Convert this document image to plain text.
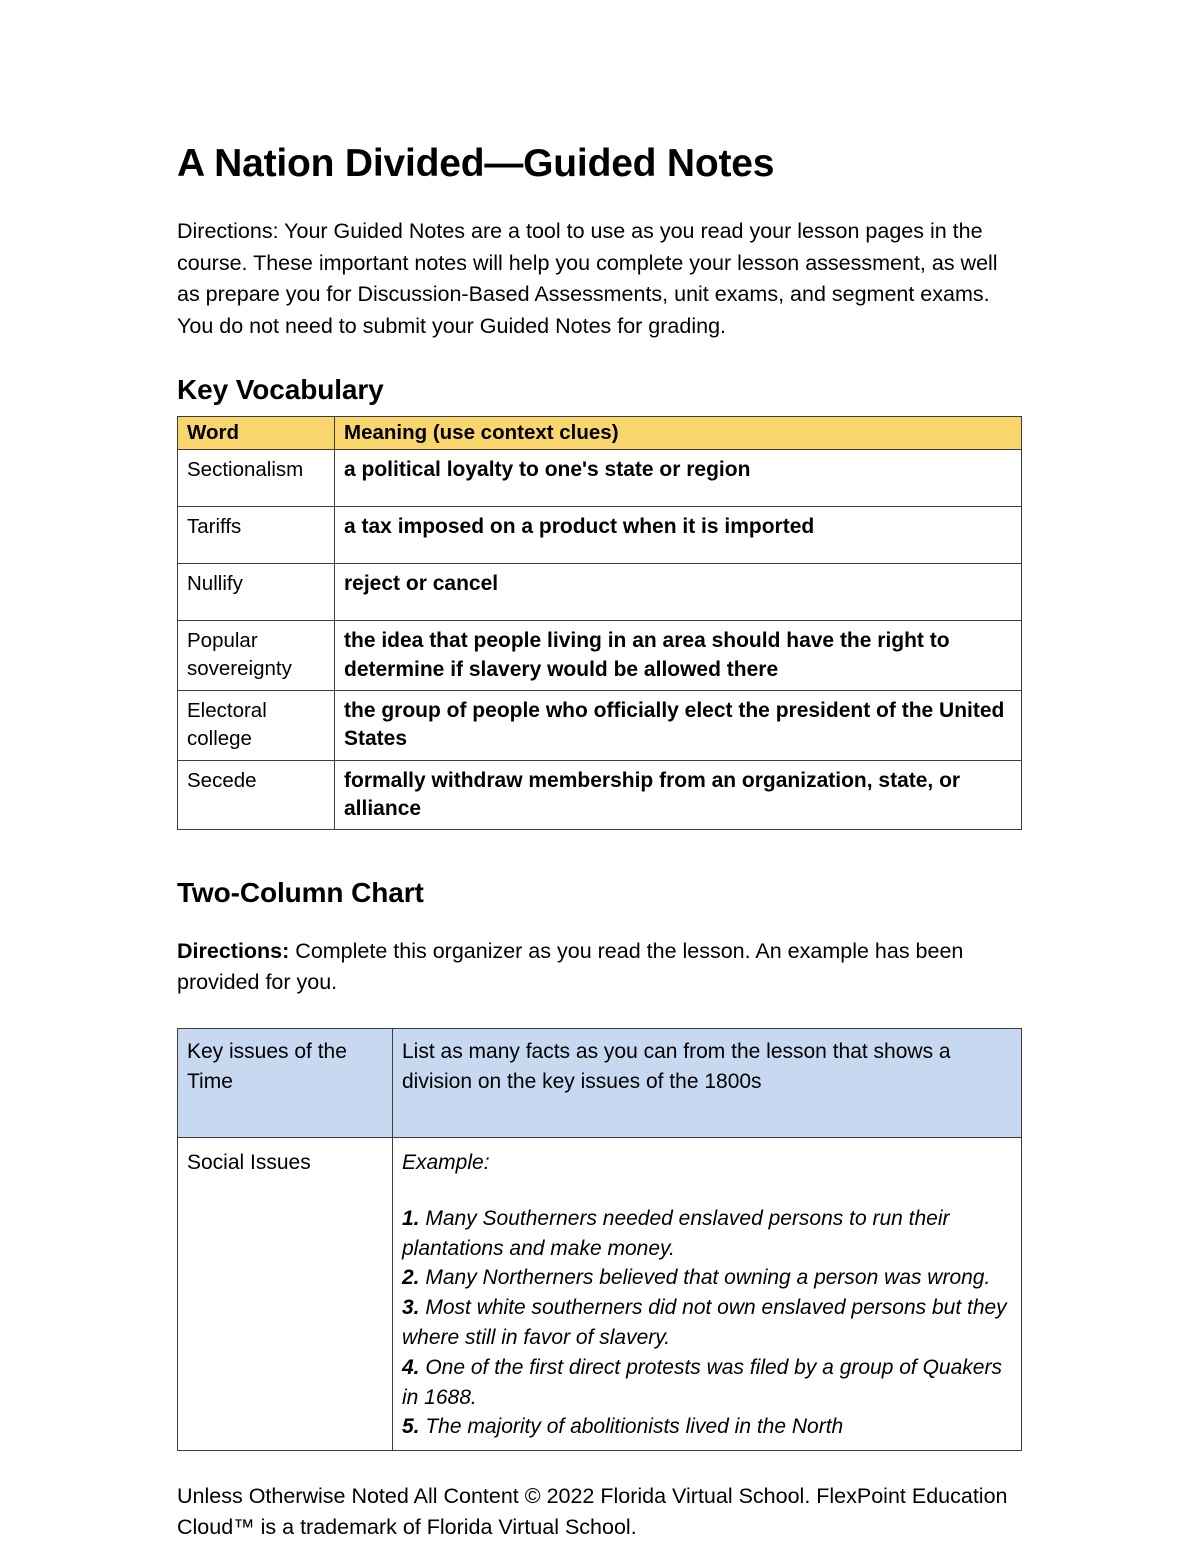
A Nation Divided—Guided Notes

Directions: Your Guided Notes are a tool to use as you read your lesson pages in the course. These important notes will help you complete your lesson assessment, as well as prepare you for Discussion-Based Assessments, unit exams, and segment exams. You do not need to submit your Guided Notes for grading.

Key Vocabulary
Word	Meaning (use context clues)
Sectionalism	a political loyalty to one's state or region
Tariffs	a tax imposed on a product when it is imported
Nullify	reject or cancel
Popular sovereignty	the idea that people living in an area should have the right to determine if slavery would be allowed there
Electoral college	the group of people who officially elect the president of the United States
Secede	formally withdraw membership from an organization, state, or alliance
Two-Column Chart

Directions: Complete this organizer as you read the lesson. An example has been provided for you.

Key issues of the Time	List as many facts as you can from the lesson that shows a division on the key issues of the 1800s
Social Issues	Example:
1. Many Southerners needed enslaved persons to run their plantations and make money.
2. Many Northerners believed that owning a person was wrong.
3. Most white southerners did not own enslaved persons but they where still in favor of slavery.
4. One of the first direct protests was filed by a group of Quakers in 1688.
5. The majority of abolitionists lived in the North

Unless Otherwise Noted All Content © 2022 Florida Virtual School. FlexPoint Education Cloud™ is a trademark of Florida Virtual School.
